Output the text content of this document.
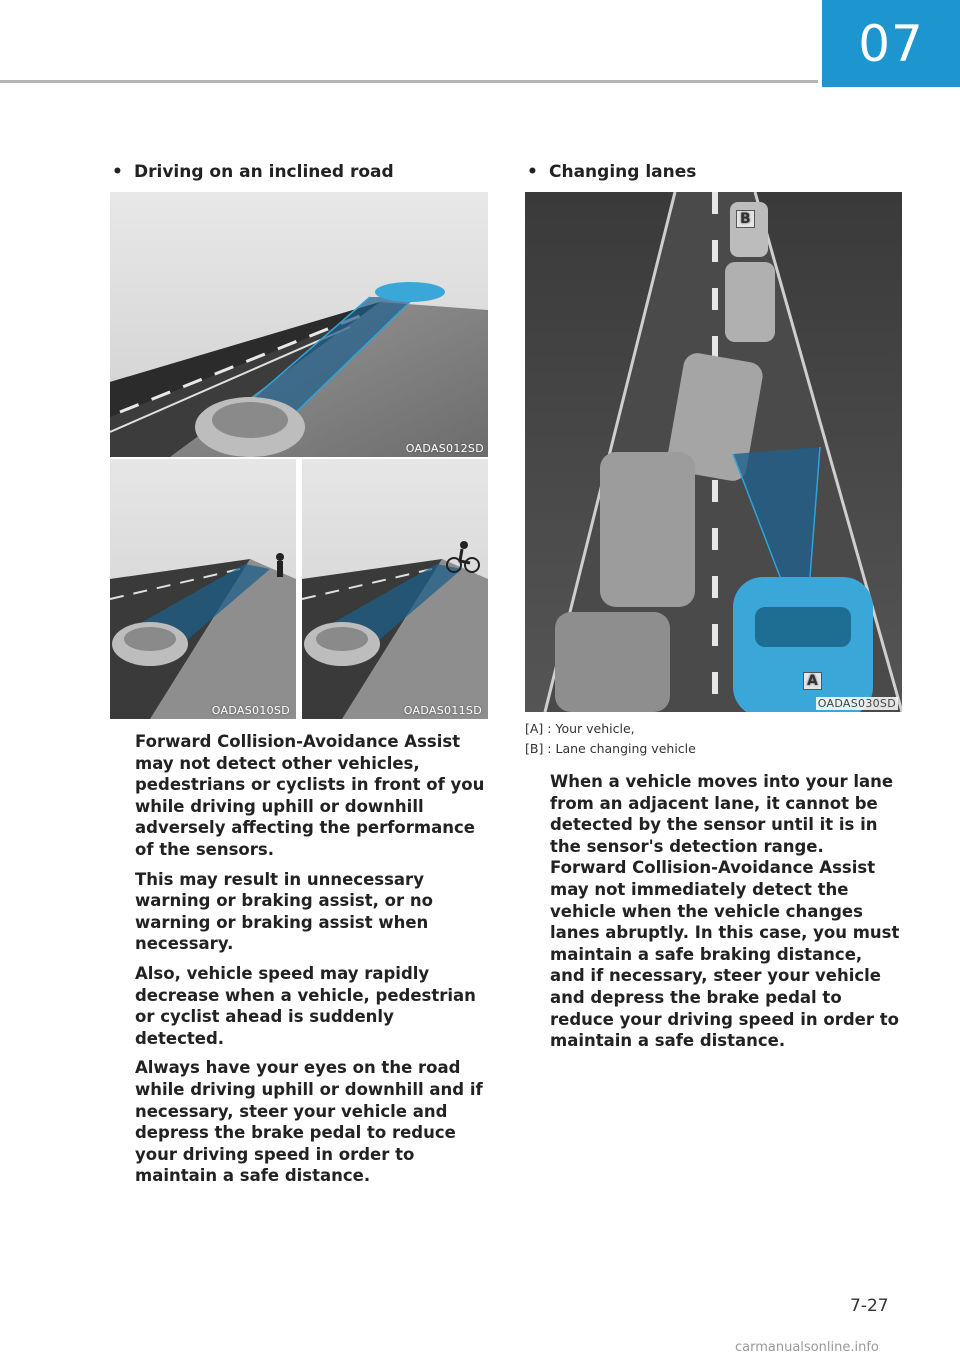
07
• Driving on an inclined road
OADAS012SD
OADAS010SD	OADAS011SD

Forward Collision-Avoidance Assist may not detect other vehicles, pedestrians or cyclists in front of you while driving uphill or downhill adversely affecting the performance of the sensors.

This may result in unnecessary warning or braking assist, or no warning or braking assist when necessary.

Also, vehicle speed may rapidly decrease when a vehicle, pedestrian or cyclist ahead is suddenly detected.

Always have your eyes on the road while driving uphill or downhill and if necessary, steer your vehicle and depress the brake pedal to reduce your driving speed in order to maintain a safe distance.

• Changing lanes
B
A
OADAS030SD
[A] : Your vehicle,
[B] : Lane changing vehicle

When a vehicle moves into your lane from an adjacent lane, it cannot be detected by the sensor until it is in the sensor's detection range. Forward Collision-Avoidance Assist may not immediately detect the vehicle when the vehicle changes lanes abruptly. In this case, you must maintain a safe braking distance, and if necessary, steer your vehicle and depress the brake pedal to reduce your driving speed in order to maintain a safe distance.

7-27
carmanualsonline.info
